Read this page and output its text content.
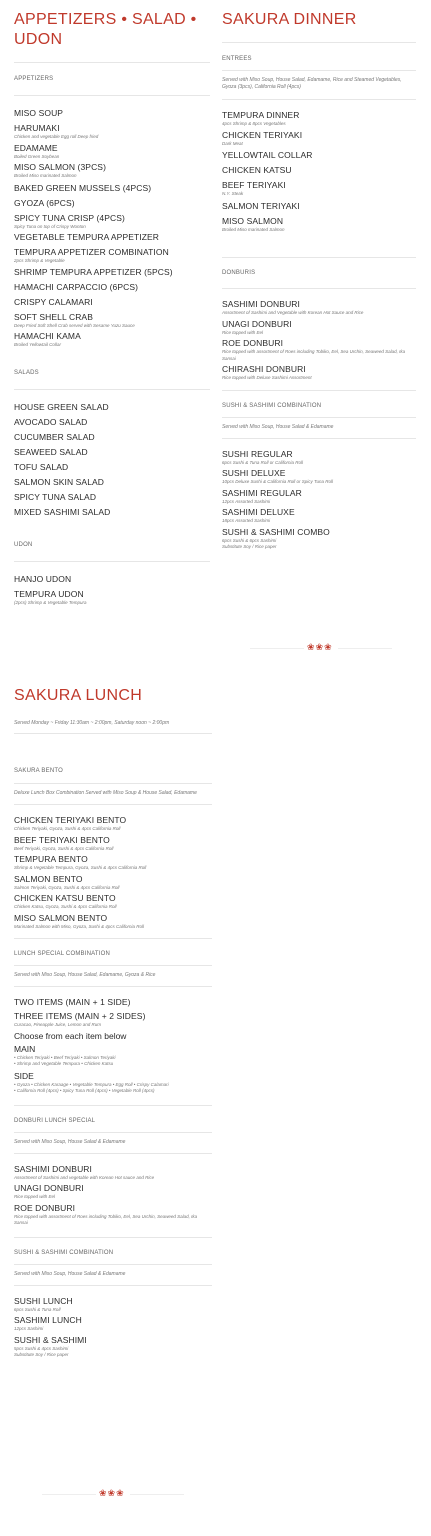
APPETIZERS • SALAD • UDON
APPETIZERS
MISO SOUP
HARUMAKI
Chicken and vegetable Egg roll Deep fried
EDAMAME
Boiled Green Soybean
MISO SALMON (3PCS)
Broiled Miso marinated Salmon
BAKED GREEN MUSSELS (4PCS)
GYOZA (6PCS)
SPICY TUNA CRISP (4PCS)
Spicy Tuna on top of Crispy Wonton
VEGETABLE TEMPURA APPETIZER
TEMPURA APPETIZER COMBINATION
2pcs Shrimp & Vegetable
SHRIMP TEMPURA APPETIZER (5PCS)
HAMACHI CARPACCIO (6PCS)
CRISPY CALAMARI
SOFT SHELL CRAB
Deep Fried Soft Shell Crab served with Sesame Yuzu Sauce
HAMACHI KAMA
Broiled Yellowtail Collar
SALADS
HOUSE GREEN SALAD
AVOCADO SALAD
CUCUMBER SALAD
SEAWEED SALAD
TOFU SALAD
SALMON SKIN SALAD
SPICY TUNA SALAD
MIXED SASHIMI SALAD
UDON
HANJO UDON
TEMPURA UDON
(2pcs) Shrimp & Vegetable Tempura
SAKURA DINNER
ENTREES
Served with Miso Soup, House Salad, Edamame, Rice and Steamed Vegetables, Gyoza (3pcs), California Roll (4pcs)
TEMPURA DINNER
4pcs Shrimp & 8pcs Vegetables
CHICKEN TERIYAKI
Dark Meat
YELLOWTAIL COLLAR
CHICKEN KATSU
BEEF TERIYAKI
N.Y. Steak
SALMON TERIYAKI
MISO SALMON
Broiled Miso marinated Salmon
DONBURIS
SASHIMI DONBURI
Assortment of Sashimi and Vegetable with Korean Hot Sauce and Rice
UNAGI DONBURI
Rice topped with Eel
ROE DONBURI
Rice topped with assortment of Roes including Tobiko, Eel, Sea Urchin, Seaweed Salad, Ika Sansai
CHIRASHI DONBURI
Rice topped with Deluxe Sashimi Assortment
SUSHI & SASHIMI COMBINATION
Served with Miso Soup, House Salad & Edamame
SUSHI REGULAR
6pcs Sushi & Tuna Roll or California Roll
SUSHI DELUXE
10pcs Deluxe Sushi & California Roll or Spicy Tuna Roll
SASHIMI REGULAR
12pcs Assorted Sashimi
SASHIMI DELUXE
18pcs Assorted Sashimi
SUSHI & SASHIMI COMBO
6pcs Sushi & 6pcs Sashimi
Substitute Soy / Rice paper
❀❀❀
SAKURA LUNCH
Served Monday ~ Friday 11:30am ~ 2:00pm, Saturday noon ~ 2:00pm
SAKURA BENTO
Deluxe Lunch Box Combination Served with Miso Soup & House Salad, Edamame
CHICKEN TERIYAKI BENTO
Chicken Teriyaki, Gyoza, Sushi & 4pcs California Roll
BEEF TERIYAKI BENTO
Beef Teriyaki, Gyoza, Sushi & 4pcs California Roll
TEMPURA BENTO
Shrimp & Vegetable Tempura, Gyoza, Sushi & 4pcs California Roll
SALMON BENTO
Salmon Teriyaki, Gyoza, Sushi & 4pcs California Roll
CHICKEN KATSU BENTO
Chicken Katsu, Gyoza, Sushi & 4pcs California Roll
MISO SALMON BENTO
Marinated Salmon with Miso, Gyoza, Sushi & 4pcs California Roll
LUNCH SPECIAL COMBINATION
Served with Miso Soup, House Salad, Edamame, Gyoza & Rice
TWO ITEMS (MAIN + 1 SIDE)
THREE ITEMS (MAIN + 2 SIDES)
Curacao, Pineapple Juice, Lemon and Rum
Choose from each item below
MAIN
• Chicken Teriyaki • Beef Teriyaki • Salmon Teriyaki
• Shrimp and Vegetable Tempura • Chicken Katsu
SIDE
• Gyoza • Chicken Karaage • Vegetable Tempura • Egg Roll • Crispy Calamari
• California Roll (4pcs) • Spicy Tuna Roll (4pcs) • Vegetable Roll (4pcs)
DONBURI LUNCH SPECIAL
Served with Miso Soup, House Salad & Edamame
SASHIMI DONBURI
Assortment of Sashimi and vegetable with Korean Hot sauce and Rice
UNAGI DONBURI
Rice topped with Eel
ROE DONBURI
Rice topped with assortment of Roes including Tobiko, Eel, Sea Urchin, Seaweed Salad, Ika Sansai
SUSHI & SASHIMI COMBINATION
Served with Miso Soup, House Salad & Edamame
SUSHI LUNCH
6pcs Sushi & Tuna Roll
SASHIMI LUNCH
12pcs Sashimi
SUSHI & SASHIMI
5pcs Sushi & 4pcs Sashimi
Substitute Soy / Rice paper
❀❀❀
